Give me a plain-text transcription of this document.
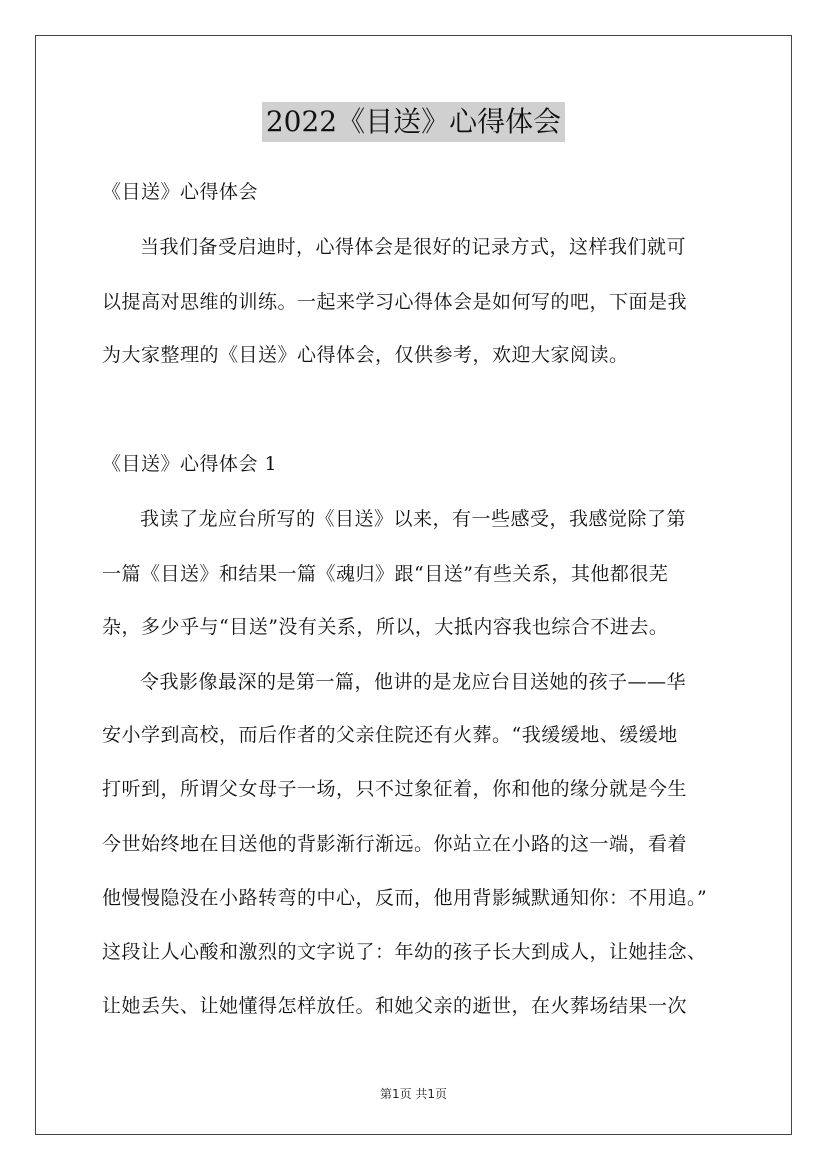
2022《目送》心得体会
《目送》心得体会
当我们备受启迪时，心得体会是很好的记录方式，这样我们就可
以提高对思维的训练。一起来学习心得体会是如何写的吧，下面是我
为大家整理的《目送》心得体会，仅供参考，欢迎大家阅读。
《目送》心得体会 1
我读了龙应台所写的《目送》以来，有一些感受，我感觉除了第
一篇《目送》和结果一篇《魂归》跟“目送”有些关系，其他都很芜
杂，多少乎与“目送”没有关系，所以，大抵内容我也综合不进去。
令我影像最深的是第一篇，他讲的是龙应台目送她的孩子——华
安小学到高校，而后作者的父亲住院还有火葬。“我缓缓地、缓缓地
打听到，所谓父女母子一场，只不过象征着，你和他的缘分就是今生
今世始终地在目送他的背影渐行渐远。你站立在小路的这一端，看着
他慢慢隐没在小路转弯的中心，反而，他用背影缄默通知你：不用追。”
这段让人心酸和激烈的文字说了：年幼的孩子长大到成人，让她挂念、
让她丢失、让她懂得怎样放任。和她父亲的逝世，在火葬场结果一次
第1页 共1页
